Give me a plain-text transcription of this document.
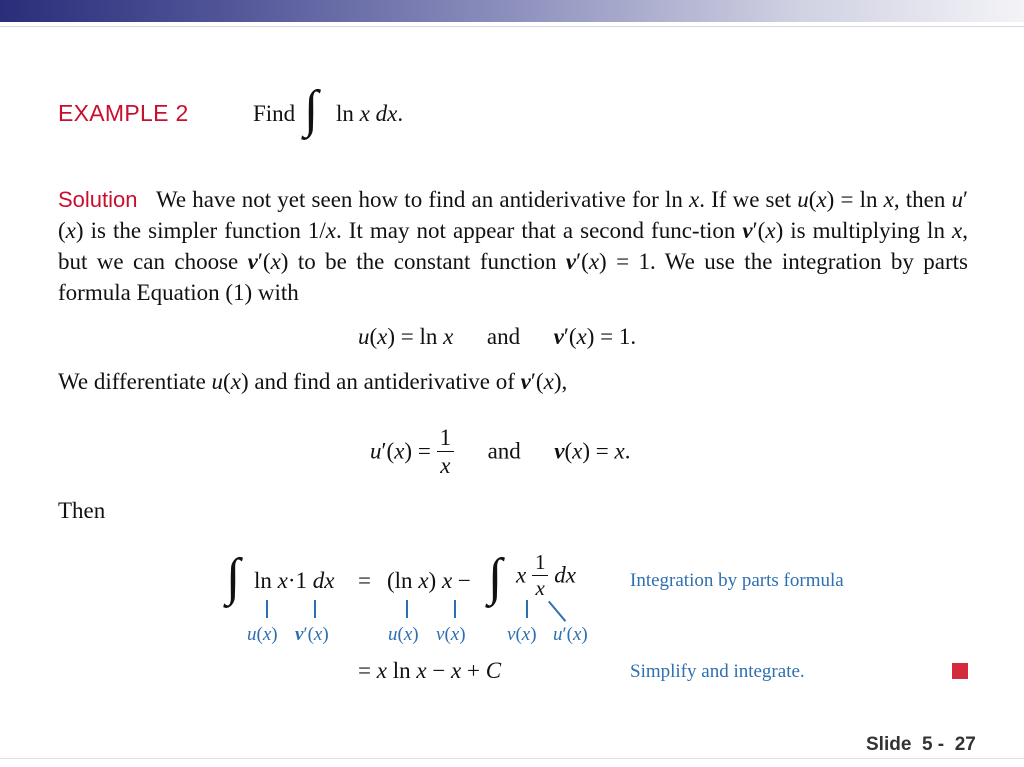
EXAMPLE 2	Find ∫ ln x dx.
Solution   We have not yet seen how to find an antiderivative for ln x. If we set u(x) = ln x, then u′(x) is the simpler function 1/x. It may not appear that a second func-tion v′(x) is multiplying ln x, but we can choose v′(x) to be the constant function v′(x) = 1. We use the integration by parts formula Equation (1) with
u(x) = ln x and v′(x) = 1.
We differentiate u(x) and find an antiderivative of v′(x),
$u'(x) = \frac{1}{x}$ and v(x) = x.
Then
∫ ln x·1 dx = (ln x) x − ∫ x $\frac{1}{x}$ dx	Integration by parts formula
u(x) v′(x)	u(x) v(x) v(x) u′(x)
= x ln x − x + C	Simplify and integrate.
Slide  5 -  27
